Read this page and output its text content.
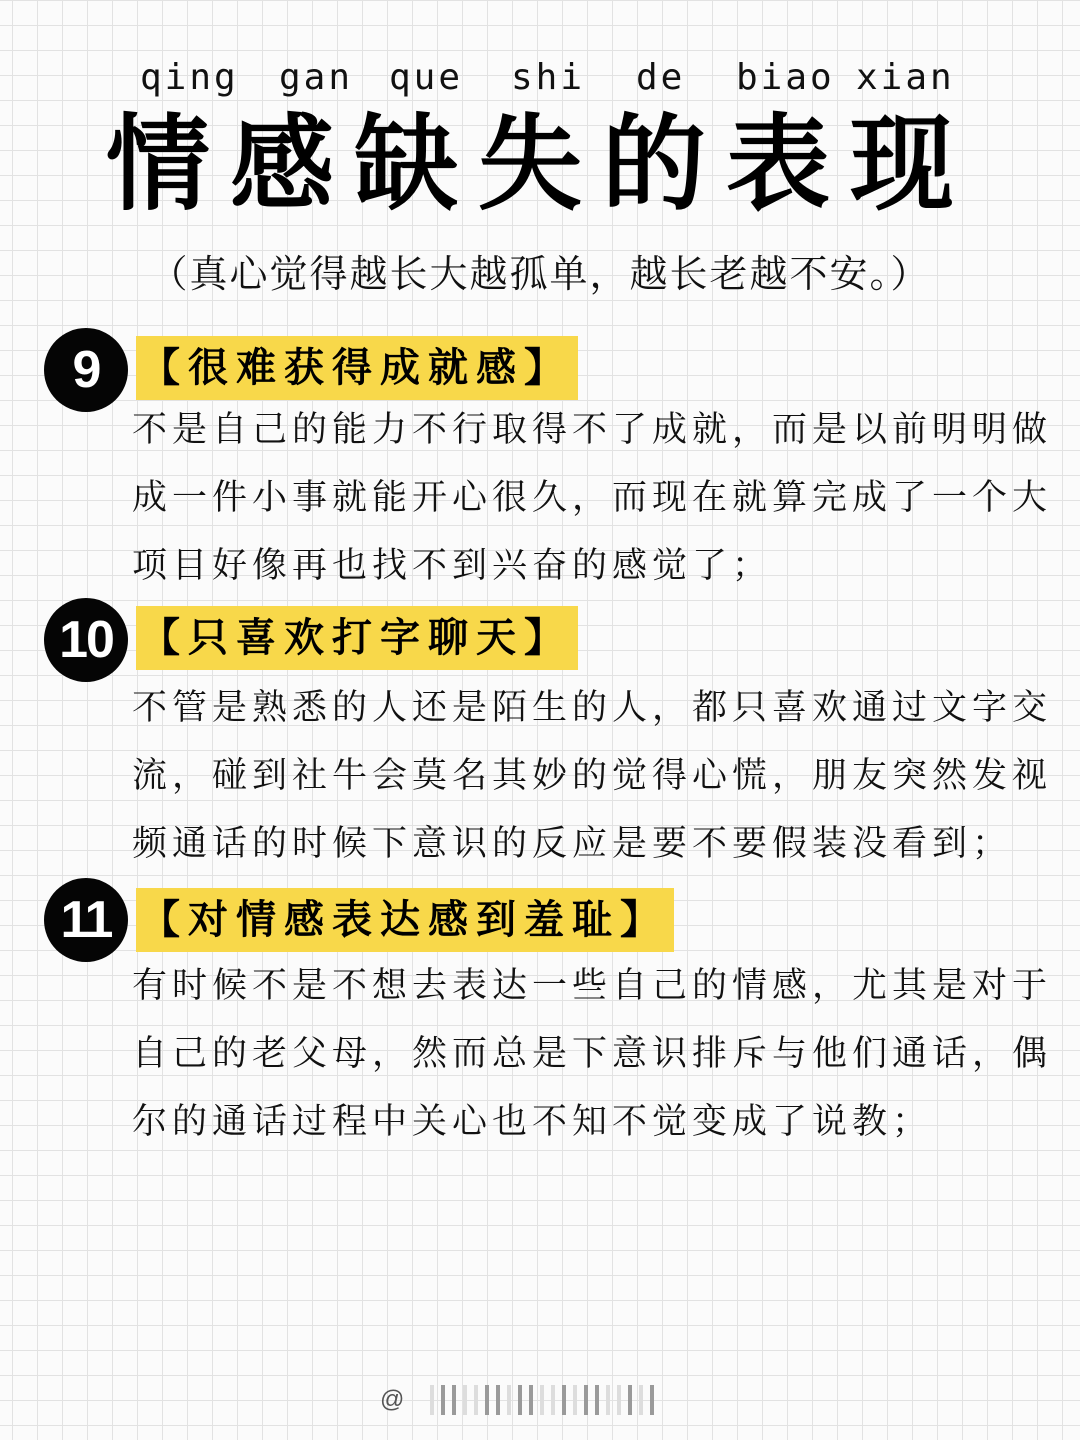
qing gan que shi de biao xian
情感缺失的表现
（真心觉得越长大越孤单，越长老越不安。）
9	【很难获得成就感】
不是自己的能力不行取得不了成就，而是以前明明做
成一件小事就能开心很久，而现在就算完成了一个大
项目好像再也找不到兴奋的感觉了；
10 【只喜欢打字聊天】
不管是熟悉的人还是陌生的人，都只喜欢通过文字交
流，碰到社牛会莫名其妙的觉得心慌，朋友突然发视
频通话的时候下意识的反应是要不要假装没看到；
11 【对情感表达感到羞耻】
有时候不是不想去表达一些自己的情感，尤其是对于
自己的老父母，然而总是下意识排斥与他们通话，偶
尔的通话过程中关心也不知不觉变成了说教；
@
